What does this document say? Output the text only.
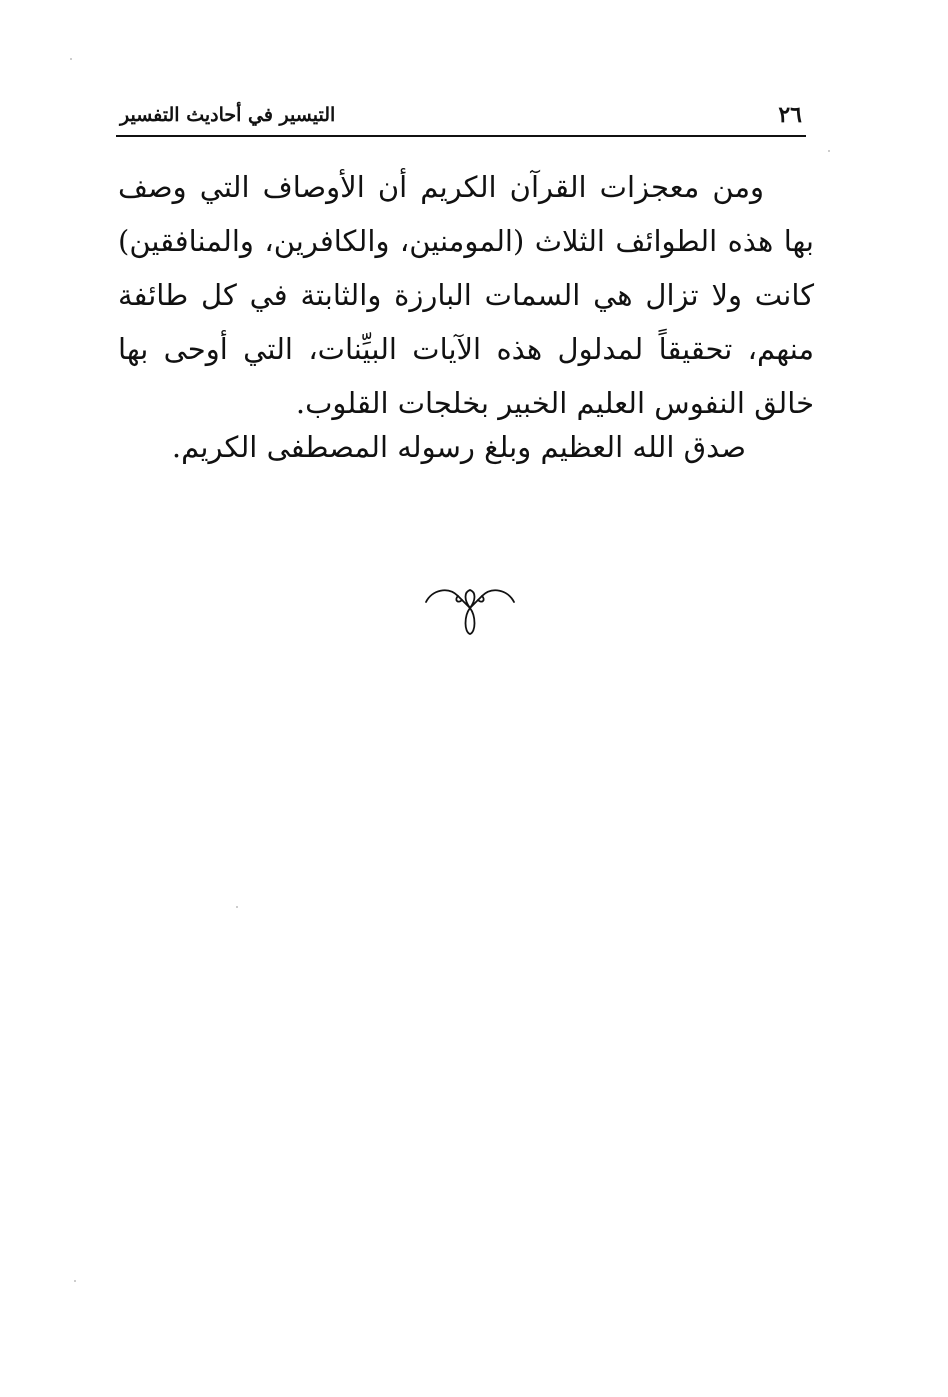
٢٦
التيسير في أحاديث التفسير

ومن معجزات القرآن الكريم أن الأوصاف التي وصف بها هذه الطوائف الثلاث (المومنين، والكافرين، والمنافقين) كانت ولا تزال هي السمات البارزة والثابتة في كل طائفة منهم، تحقيقاً لمدلول هذه الآيات البيِّنات، التي أوحى بها خالق النفوس العليم الخبير بخلجات القلوب.

صدق الله العظيم وبلغ رسوله المصطفى الكريم.
